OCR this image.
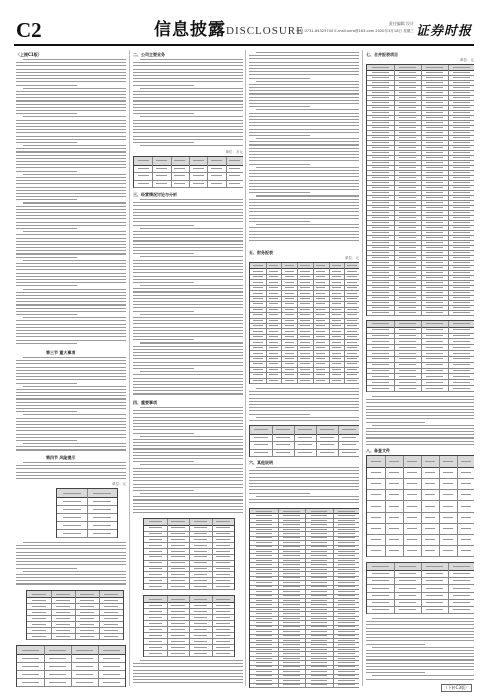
C2	信息披露 DISCLOSURE
责任编辑 设计
电话 0731-84329700 E-mail:xxrb@163.com 2020年3月18日 星期三 证券时报
（上接C1版）
第三节 重大事项
第四节 风险提示
单位：元
二、公司主要业务
单位：万元
三、经营情况讨论与分析
四、重要事项
五、财务报表
单位：元
六、其他说明
七、合并报表项目
单位：元
八、备查文件
（下转C3版）
